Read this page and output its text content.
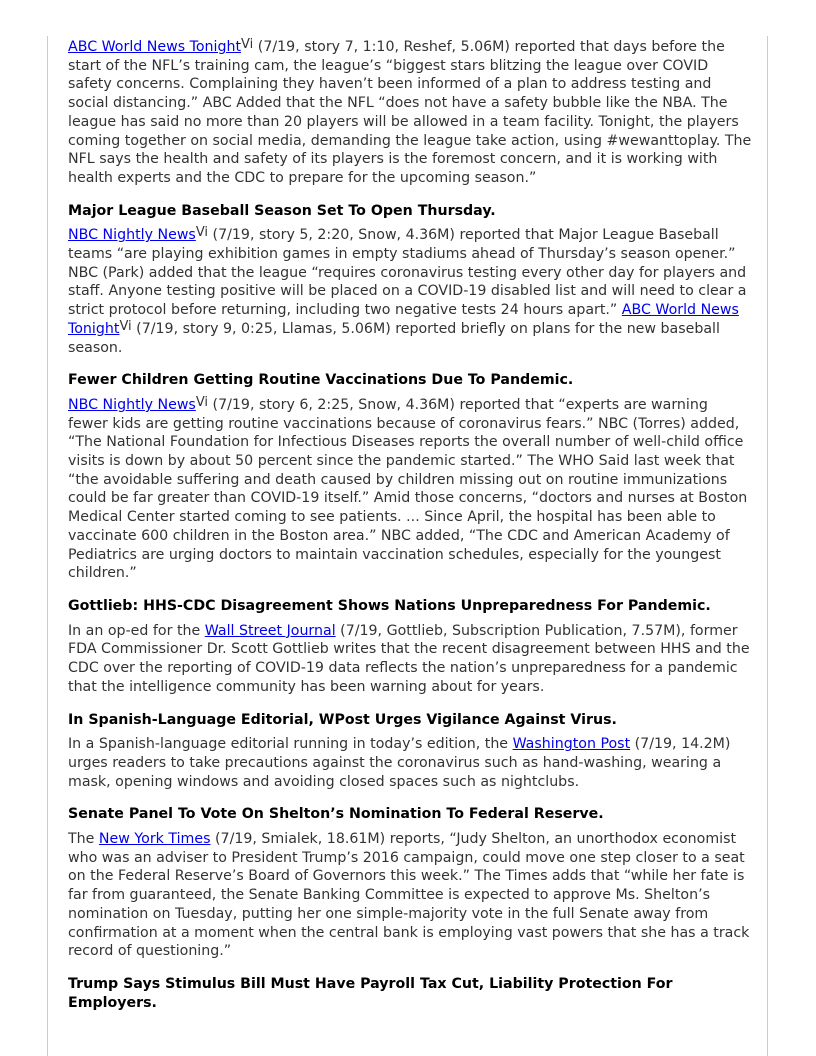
ABC World News Tonight$^{Vi}$ (7/19, story 7, 1:10, Reshef, 5.06M) reported that days before the start of the NFL’s training cam, the league’s “biggest stars blitzing the league over COVID safety concerns. Complaining they haven’t been informed of a plan to address testing and social distancing.” ABC Added that the NFL “does not have a safety bubble like the NBA. The league has said no more than 20 players will be allowed in a team facility. Tonight, the players coming together on social media, demanding the league take action, using #wewanttoplay. The NFL says the health and safety of its players is the foremost concern, and it is working with health experts and the CDC to prepare for the upcoming season.”

Major League Baseball Season Set To Open Thursday.

NBC Nightly News$^{Vi}$ (7/19, story 5, 2:20, Snow, 4.36M) reported that Major League Baseball teams “are playing exhibition games in empty stadiums ahead of Thursday’s season opener.” NBC (Park) added that the league “requires coronavirus testing every other day for players and staff. Anyone testing positive will be placed on a COVID-19 disabled list and will need to clear a strict protocol before returning, including two negative tests 24 hours apart.” ABC World News Tonight$^{Vi}$ (7/19, story 9, 0:25, Llamas, 5.06M) reported briefly on plans for the new baseball season.

Fewer Children Getting Routine Vaccinations Due To Pandemic.

NBC Nightly News$^{Vi}$ (7/19, story 6, 2:25, Snow, 4.36M) reported that “experts are warning fewer kids are getting routine vaccinations because of coronavirus fears.” NBC (Torres) added, “The National Foundation for Infectious Diseases reports the overall number of well-child office visits is down by about 50 percent since the pandemic started.” The WHO Said last week that “the avoidable suffering and death caused by children missing out on routine immunizations could be far greater than COVID-19 itself.” Amid those concerns, “doctors and nurses at Boston Medical Center started coming to see patients. ... Since April, the hospital has been able to vaccinate 600 children in the Boston area.” NBC added, “The CDC and American Academy of Pediatrics are urging doctors to maintain vaccination schedules, especially for the youngest children.”

Gottlieb: HHS-CDC Disagreement Shows Nations Unpreparedness For Pandemic.

In an op-ed for the Wall Street Journal (7/19, Gottlieb, Subscription Publication, 7.57M), former FDA Commissioner Dr. Scott Gottlieb writes that the recent disagreement between HHS and the CDC over the reporting of COVID-19 data reflects the nation’s unpreparedness for a pandemic that the intelligence community has been warning about for years.

In Spanish-Language Editorial, WPost Urges Vigilance Against Virus.

In a Spanish-language editorial running in today’s edition, the Washington Post (7/19, 14.2M) urges readers to take precautions against the coronavirus such as hand-washing, wearing a mask, opening windows and avoiding closed spaces such as nightclubs.

Senate Panel To Vote On Shelton’s Nomination To Federal Reserve.

The New York Times (7/19, Smialek, 18.61M) reports, “Judy Shelton, an unorthodox economist who was an adviser to President Trump’s 2016 campaign, could move one step closer to a seat on the Federal Reserve’s Board of Governors this week.” The Times adds that “while her fate is far from guaranteed, the Senate Banking Committee is expected to approve Ms. Shelton’s nomination on Tuesday, putting her one simple-majority vote in the full Senate away from confirmation at a moment when the central bank is employing vast powers that she has a track record of questioning.”

Trump Says Stimulus Bill Must Have Payroll Tax Cut, Liability Protection For Employers.
